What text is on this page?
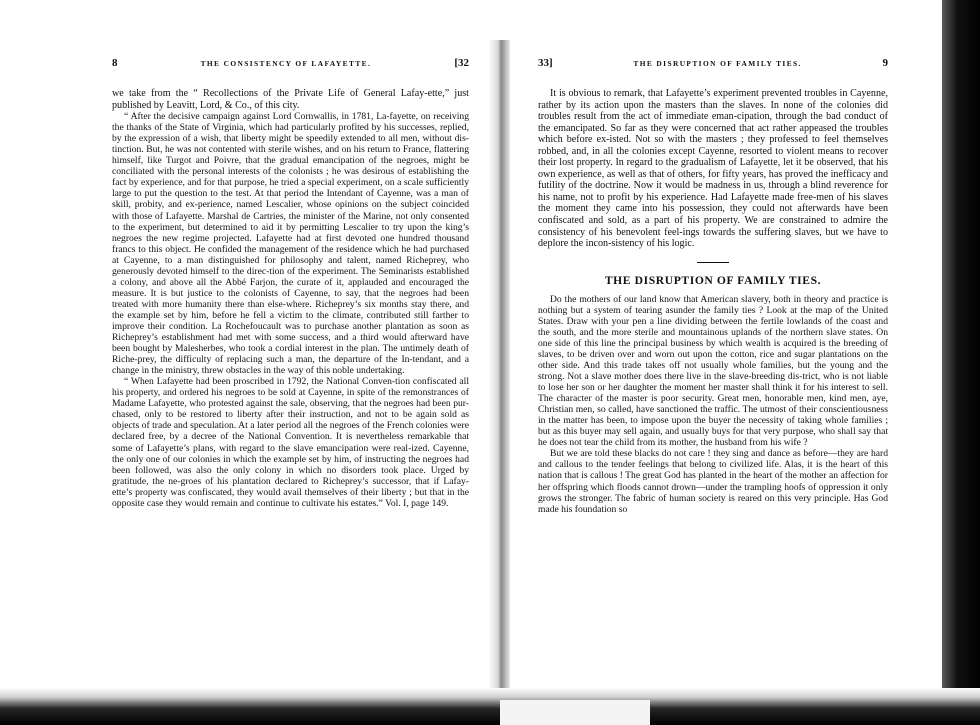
8	THE CONSISTENCY OF LAFAYETTE.	[32

we take from the “ Recollections of the Private Life of General Lafay-ette,” just published by Leavitt, Lord, & Co., of this city.

“ After the decisive campaign against Lord Cornwallis, in 1781, La-fayette, on receiving the thanks of the State of Virginia, which had particularly profited by his successes, replied, by the expression of a wish, that liberty might be speedily extended to all men, without dis-tinction. But, he was not contented with sterile wishes, and on his return to France, flattering himself, like Turgot and Poivre, that the gradual emancipation of the negroes, might be conciliated with the personal interests of the colonists ; he was desirous of establishing the fact by experience, and for that purpose, he tried a special experiment, on a scale sufficiently large to put the question to the test. At that period the Intendant of Cayenne, was a man of skill, probity, and ex-perience, named Lescalier, whose opinions on the subject coincided with those of Lafayette. Marshal de Cartries, the minister of the Marine, not only consented to the experiment, but determined to aid it by permitting Lescalier to try upon the king’s negroes the new regime projected. Lafayette had at first devoted one hundred thousand francs to this object. He confided the management of the residence which he had purchased at Cayenne, to a man distinguished for philosophy and talent, named Richeprey, who generously devoted himself to the direc-tion of the experiment. The Seminarists established a colony, and above all the Abbé Farjon, the curate of it, applauded and encouraged the measure. It is but justice to the colonists of Cayenne, to say, that the negroes had been treated with more humanity there than else-where. Richeprey’s six months stay there, and the example set by him, before he fell a victim to the climate, contributed still farther to improve their condition. La Rochefoucault was to purchase another plantation as soon as Richeprey’s establishment had met with some success, and a third would afterward have been bought by Malesherbes, who took a cordial interest in the plan. The untimely death of Riche-prey, the difficulty of replacing such a man, the departure of the In-tendant, and a change in the ministry, threw obstacles in the way of this noble undertaking.

“ When Lafayette had been proscribed in 1792, the National Conven-tion confiscated all his property, and ordered his negroes to be sold at Cayenne, in spite of the remonstrances of Madame Lafayette, who protested against the sale, observing, that the negroes had been pur-chased, only to be restored to liberty after their instruction, and not to be again sold as objects of trade and speculation. At a later period all the negroes of the French colonies were declared free, by a decree of the National Convention. It is nevertheless remarkable that some of Lafayette’s plans, with regard to the slave emancipation were real-ized. Cayenne, the only one of our colonies in which the example set by him, of instructing the negroes had been followed, was also the only colony in which no disorders took place. Urged by gratitude, the ne-groes of his plantation declared to Richeprey’s successor, that if Lafay-ette’s property was confiscated, they would avail themselves of their liberty ; but that in the opposite case they would remain and continue to cultivate his estates.” Vol. I, page 149.

33]	THE DISRUPTION OF FAMILY TIES.	9

It is obvious to remark, that Lafayette’s experiment prevented troubles in Cayenne, rather by its action upon the masters than the slaves. In none of the colonies did troubles result from the act of immediate eman-cipation, through the bad conduct of the emancipated. So far as they were concerned that act rather appeased the troubles which before ex-isted. Not so with the masters ; they professed to feel themselves robbed, and, in all the colonies except Cayenne, resorted to violent means to recover their lost property. In regard to the gradualism of Lafayette, let it be observed, that his own experience, as well as that of others, for fifty years, has proved the inefficacy and futility of the doctrine. Now it would be madness in us, through a blind reverence for his name, not to profit by his experience. Had Lafayette made free-men of his slaves the moment they came into his possession, they could not afterwards have been confiscated and sold, as a part of his property. We are constrained to admire the consistency of his benevolent feel-ings towards the suffering slaves, but we have to deplore the incon-sistency of his logic.

THE DISRUPTION OF FAMILY TIES.

Do the mothers of our land know that American slavery, both in theory and practice is nothing but a system of tearing asunder the family ties ? Look at the map of the United States. Draw with your pen a line dividing between the fertile lowlands of the coast and the south, and the more sterile and mountainous uplands of the northern slave states. On one side of this line the principal business by which wealth is acquired is the breeding of slaves, to be driven over and worn out upon the cotton, rice and sugar plantations on the other side. And this trade takes off not usually whole families, but the young and the strong. Not a slave mother does there live in the slave-breeding dis-trict, who is not liable to lose her son or her daughter the moment her master shall think it for his interest to sell. The character of the master is poor security. Great men, honorable men, kind men, aye, Christian men, so called, have sanctioned the traffic. The utmost of their conscientiousness in the matter has been, to impose upon the buyer the necessity of taking whole families ; but as this buyer may sell again, and usually buys for that very purpose, who shall say that he does not tear the child from its mother, the husband from his wife ?

But we are told these blacks do not care ! they sing and dance as before—they are hard and callous to the tender feelings that belong to civilized life. Alas, it is the heart of this nation that is callous ! The great God has planted in the heart of the mother an affection for her offspring which floods cannot drown—under the trampling hoofs of oppression it only grows the stronger. The fabric of human society is reared on this very principle. Has God made his foundation so
